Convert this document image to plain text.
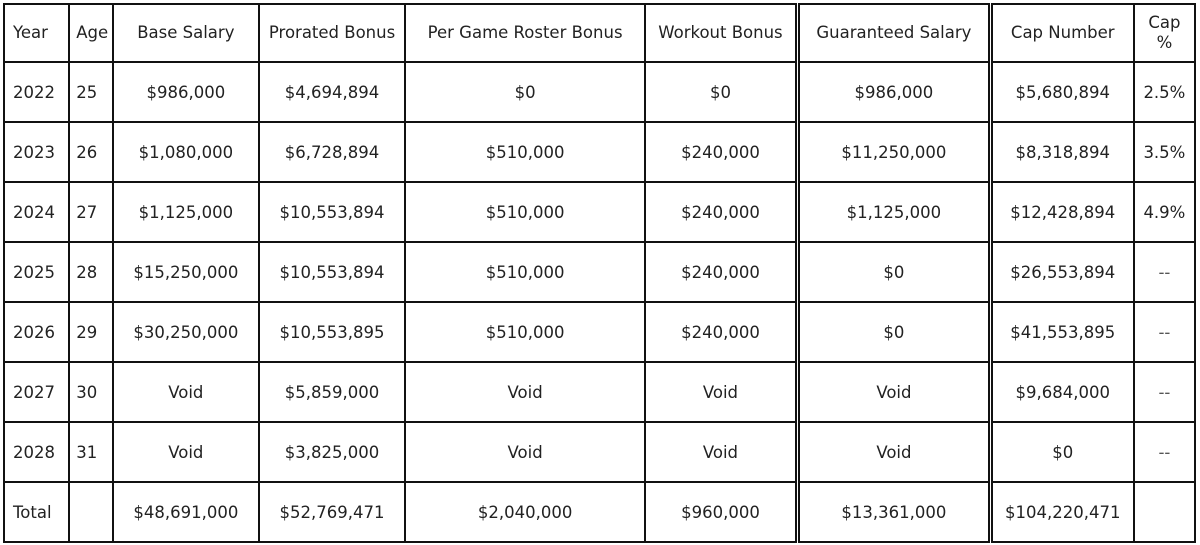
Year	Age	Base Salary	Prorated Bonus	Per Game Roster Bonus	Workout Bonus	Guaranteed Salary	Cap Number	Cap %
2022	25	$986,000	$4,694,894	$0	$0	$986,000	$5,680,894	2.5%
2023	26	$1,080,000	$6,728,894	$510,000	$240,000	$11,250,000	$8,318,894	3.5%
2024	27	$1,125,000	$10,553,894	$510,000	$240,000	$1,125,000	$12,428,894	4.9%
2025	28	$15,250,000	$10,553,894	$510,000	$240,000	$0	$26,553,894	--
2026	29	$30,250,000	$10,553,895	$510,000	$240,000	$0	$41,553,895	--
2027	30	Void	$5,859,000	Void	Void	Void	$9,684,000	--
2028	31	Void	$3,825,000	Void	Void	Void	$0	--
Total		$48,691,000	$52,769,471	$2,040,000	$960,000	$13,361,000	$104,220,471	
